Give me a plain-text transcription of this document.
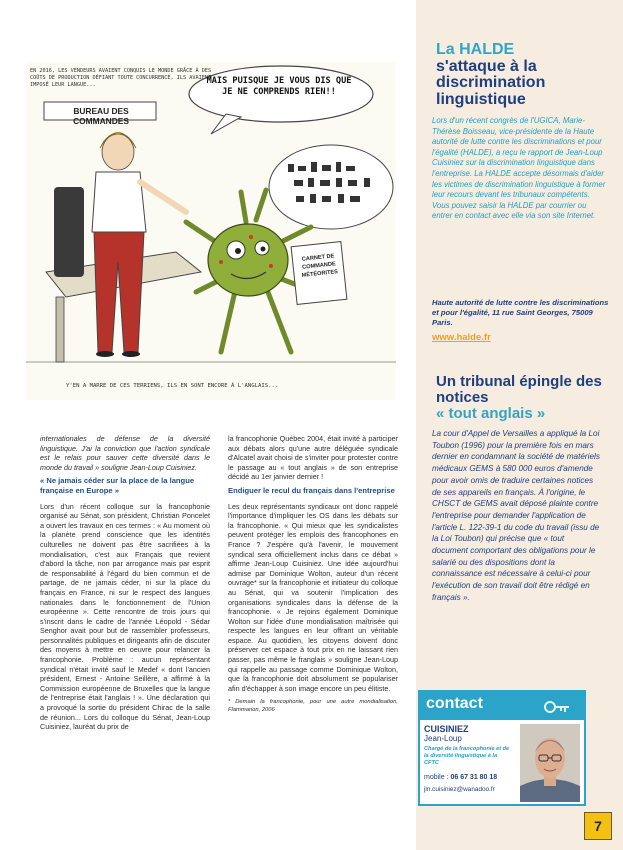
EN 2016, LES VENDEURS AVAIENT CONQUIS LE MONDE GRÂCE À DES COÛTS DE PRODUCTION DÉFIANT TOUTE CONCURRENCE, ILS AVAIENT IMPOSÉ LEUR LANGUE...
BUREAU DES COMMANDES
MAIS PUISQUE JE VOUS DIS QUE JE NE COMPRENDS RIEN!!
CARNET DE COMMANDE MÉTÉORITES
Y'EN A MARRE DE CES TERRIENS, ILS EN SONT ENCORE À L'ANGLAIS...

internationales de défense de la diversité linguistique. J'ai la conviction que l'action syndicale est le relais pour sauver cette diversité dans le monde du travail » souligne Jean-Loup Cuisiniez.

« Ne jamais céder sur la place de la langue française en Europe »

Lors d'un récent colloque sur la francophonie organisé au Sénat, son président, Christian Poncelet a ouvert les travaux en ces termes : « Au moment où la planète prend conscience que les identités culturelles ne doivent pas être sacrifiées à la mondialisation, c'est aux Français que revient d'abord la tâche, non par arrogance mais par esprit de responsabilité à l'égard du bien commun et de partage, de ne jamais céder, ni sur la place du français en France, ni sur le respect des langues nationales dans le fonctionnement de l'Union européenne ». Cette rencontre de trois jours qui s'inscrit dans le cadre de l'année Léopold - Sédar Senghor avait pour but de rassembler professeurs, personnalités publiques et dirigeants afin de discuter des moyens à mettre en oeuvre pour relancer la francophonie. Problème : aucun représentant syndical n'était invité sauf le Medef « dont l'ancien président, Ernest - Antoine Seillère, a affirmé à la Commission européenne de Bruxelles que la langue de l'entreprise était l'anglais ! ». Une déclaration qui a provoqué la sortie du président Chirac de la salle de réunion... Lors du colloque du Sénat, Jean-Loup Cuisiniez, lauréat du prix de

la francophonie Québec 2004, était invité à participer aux débats alors qu'une autre déléguée syndicale d'Alcatel avait choisi de s'inviter pour protester contre le passage au « tout anglais » de son entreprise décidé au 1er janvier dernier !

Endiguer le recul du français dans l'entreprise

Les deux représentants syndicaux ont donc rappelé l'importance d'impliquer les OS dans les débats sur la francophonie. « Qui mieux que les syndicalistes peuvent protéger les emplois des francophones en France ? J'espère qu'à l'avenir, le mouvement syndical sera officiellement inclus dans ce débat » affirme Jean-Loup Cuisiniez. Une idée aujourd'hui admise par Dominique Wolton, auteur d'un récent ouvrage* sur la francophonie et initiateur du colloque au Sénat, qui va soutenir l'implication des organisations syndicales dans la défense de la francophonie. « Je rejoins également Dominique Wolton sur l'idée d'une mondialisation maîtrisée qui respecte les langues en leur offrant un véritable espace. Au quotidien, les citoyens doivent donc préserver cet espace à tout prix en ne laissant rien passer, pas même le franglais » souligne Jean-Loup qui rappelle au passage comme Dominique Wolton, que la francophonie doit absolument se populariser afin d'échapper à son image encore un peu élitiste.

* Demain la francophonie, pour une autre mondialisation, Flammarion, 2006

La HALDE
s'attaque à la discrimination linguistique
Lors d'un récent congrès de l'UGICA, Marie-Thérèse Boisseau, vice-présidente de la Haute autorité de lutte contre les discriminations et pour l'égalité (HALDE), a reçu le rapport de Jean-Loup Cuisiniez sur la discrimination linguistique dans l'entreprise. La HALDE accepte désormais d'aider les victimes de discrimination linguistique à former leur recours devant les tribunaux compétents. Vous pouvez saisir la HALDE par courrier ou entrer en contact avec elle via son site Internet.
Haute autorité de lutte contre les discriminations et pour l'égalité, 11 rue Saint Georges, 75009 Paris.
www.halde.fr
Un tribunal épingle des notices
« tout anglais »
La cour d'Appel de Versailles a appliqué la Loi Toubon (1996) pour la première fois en mars dernier en condamnant la société de matériels médicaux GEMS à 580 000 euros d'amende pour avoir omis de traduire certaines notices de ses appareils en français. À l'origine, le CHSCT de GEMS avait déposé plainte contre l'entreprise pour demander l'application de l'article L. 122-39-1 du code du travail (issu de la Loi Toubon) qui précise que « tout document comportant des obligations pour le salarié ou des dispositions dont la connaissance est nécessaire à celui-ci pour l'exécution de son travail doit être rédigé en français ».
contact
CUISINIEZ
Jean-Loup
Chargé de la francophonie et de la diversité linguistique à la CFTC
mobile : 06 67 31 80 18
jln.cuisiniez@wanadoo.fr
7
